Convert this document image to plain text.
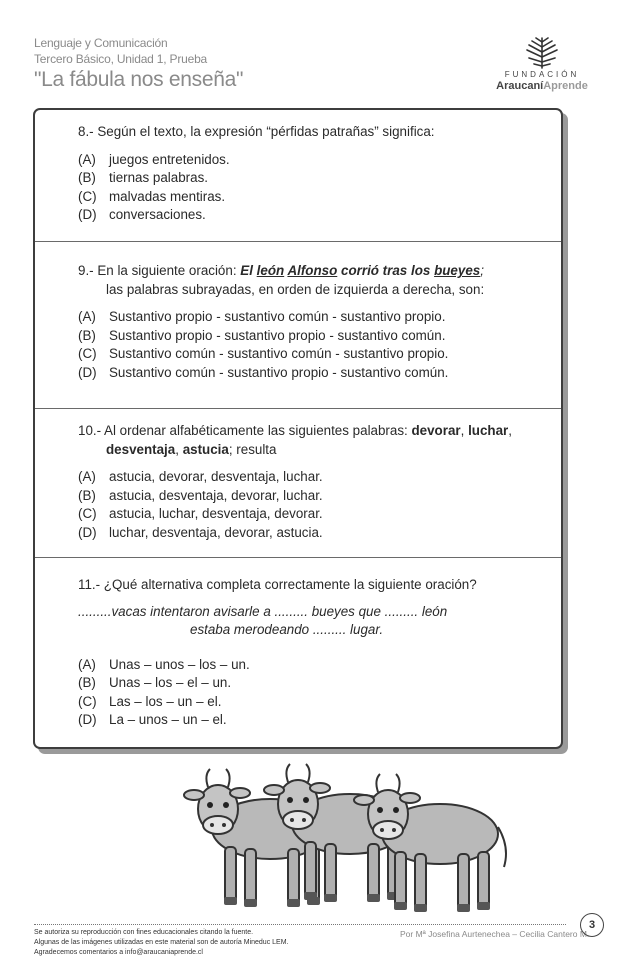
Lenguaje y Comunicación
Tercero Básico, Unidad 1, Prueba
"La fábula nos enseña"	FUNDACIÓN
AraucaníAprende
8.- Según el texto, la expresión “pérfidas patrañas” significa:
(A) juegos entretenidos.
(B) tiernas palabras.
(C) malvadas mentiras.
(D) conversaciones.
9.- En la siguiente oración: El león Alfonso corrió tras los bueyes;
las palabras subrayadas, en orden de izquierda a derecha, son:
(A) Sustantivo propio - sustantivo común - sustantivo propio.
(B) Sustantivo propio - sustantivo propio - sustantivo común.
(C) Sustantivo común - sustantivo común - sustantivo propio.
(D) Sustantivo común - sustantivo propio - sustantivo común.
10.- Al ordenar alfabéticamente las siguientes palabras: devorar, luchar,
desventaja, astucia; resulta
(A) astucia, devorar, desventaja, luchar.
(B) astucia, desventaja, devorar, luchar.
(C) astucia, luchar, desventaja, devorar.
(D) luchar, desventaja, devorar, astucia.
11.- ¿Qué alternativa completa correctamente la siguiente oración?
.........vacas intentaron avisarle a ......... bueyes que ......... león
estaba merodeando ......... lugar.
(A) Unas – unos – los – un.
(B) Unas – los – el – un.
(C) Las – los – un – el.
(D) La – unos – un – el.
Se autoriza su reproducción con fines educacionales citando la fuente.
Algunas de las imágenes utilizadas en este material son de autoría Mineduc LEM.
Agradecemos comentarios a info@araucaniaprende.cl
Por Mª Josefina Aurtenechea – Cecilia Cantero M.
3
